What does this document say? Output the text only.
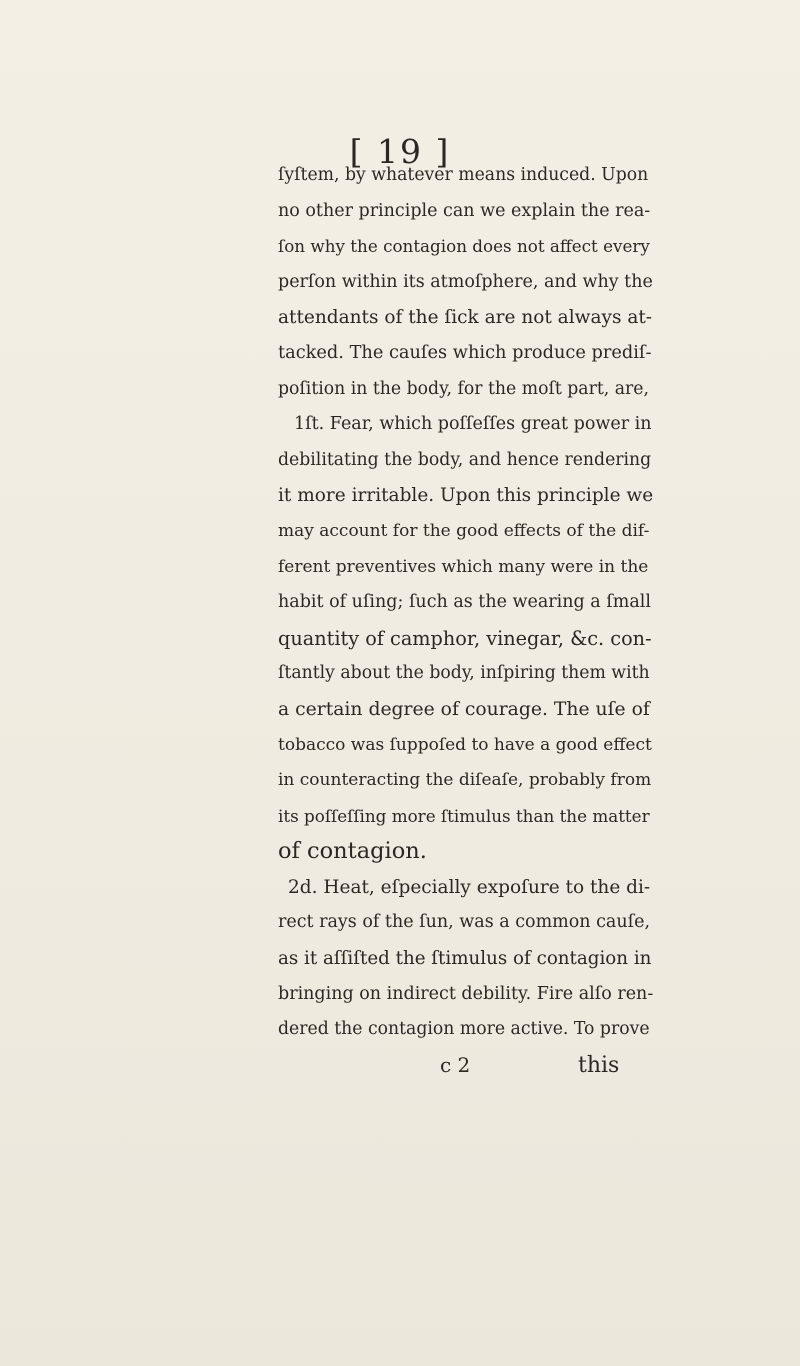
[ 19 ]
ſyſtem, by whatever means induced. Upon
no other principle can we explain the rea-
ſon why the contagion does not affect every
perſon within its atmoſphere, and why the
attendants of the ſick are not always at-
tacked. The cauſes which produce prediſ-
poſition in the body, for the moſt part, are,
1ſt. Fear, which poſſeſſes great power in
debilitating the body, and hence rendering
it more irritable. Upon this principle we
may account for the good effects of the dif-
ferent preventives which many were in the
habit of uſing; ſuch as the wearing a ſmall
quantity of camphor, vinegar, &c. con-
ſtantly about the body, inſpiring them with
a certain degree of courage. The uſe of
tobacco was ſuppoſed to have a good effect
in counteracting the diſeaſe, probably from
its poſſeſſing more ſtimulus than the matter
of contagion.
2d. Heat, eſpecially expoſure to the di-
rect rays of the ſun, was a common cauſe,
as it aſſiſted the ſtimulus of contagion in
bringing on indirect debility. Fire alſo ren-
dered the contagion more active. To prove
c 2	this
